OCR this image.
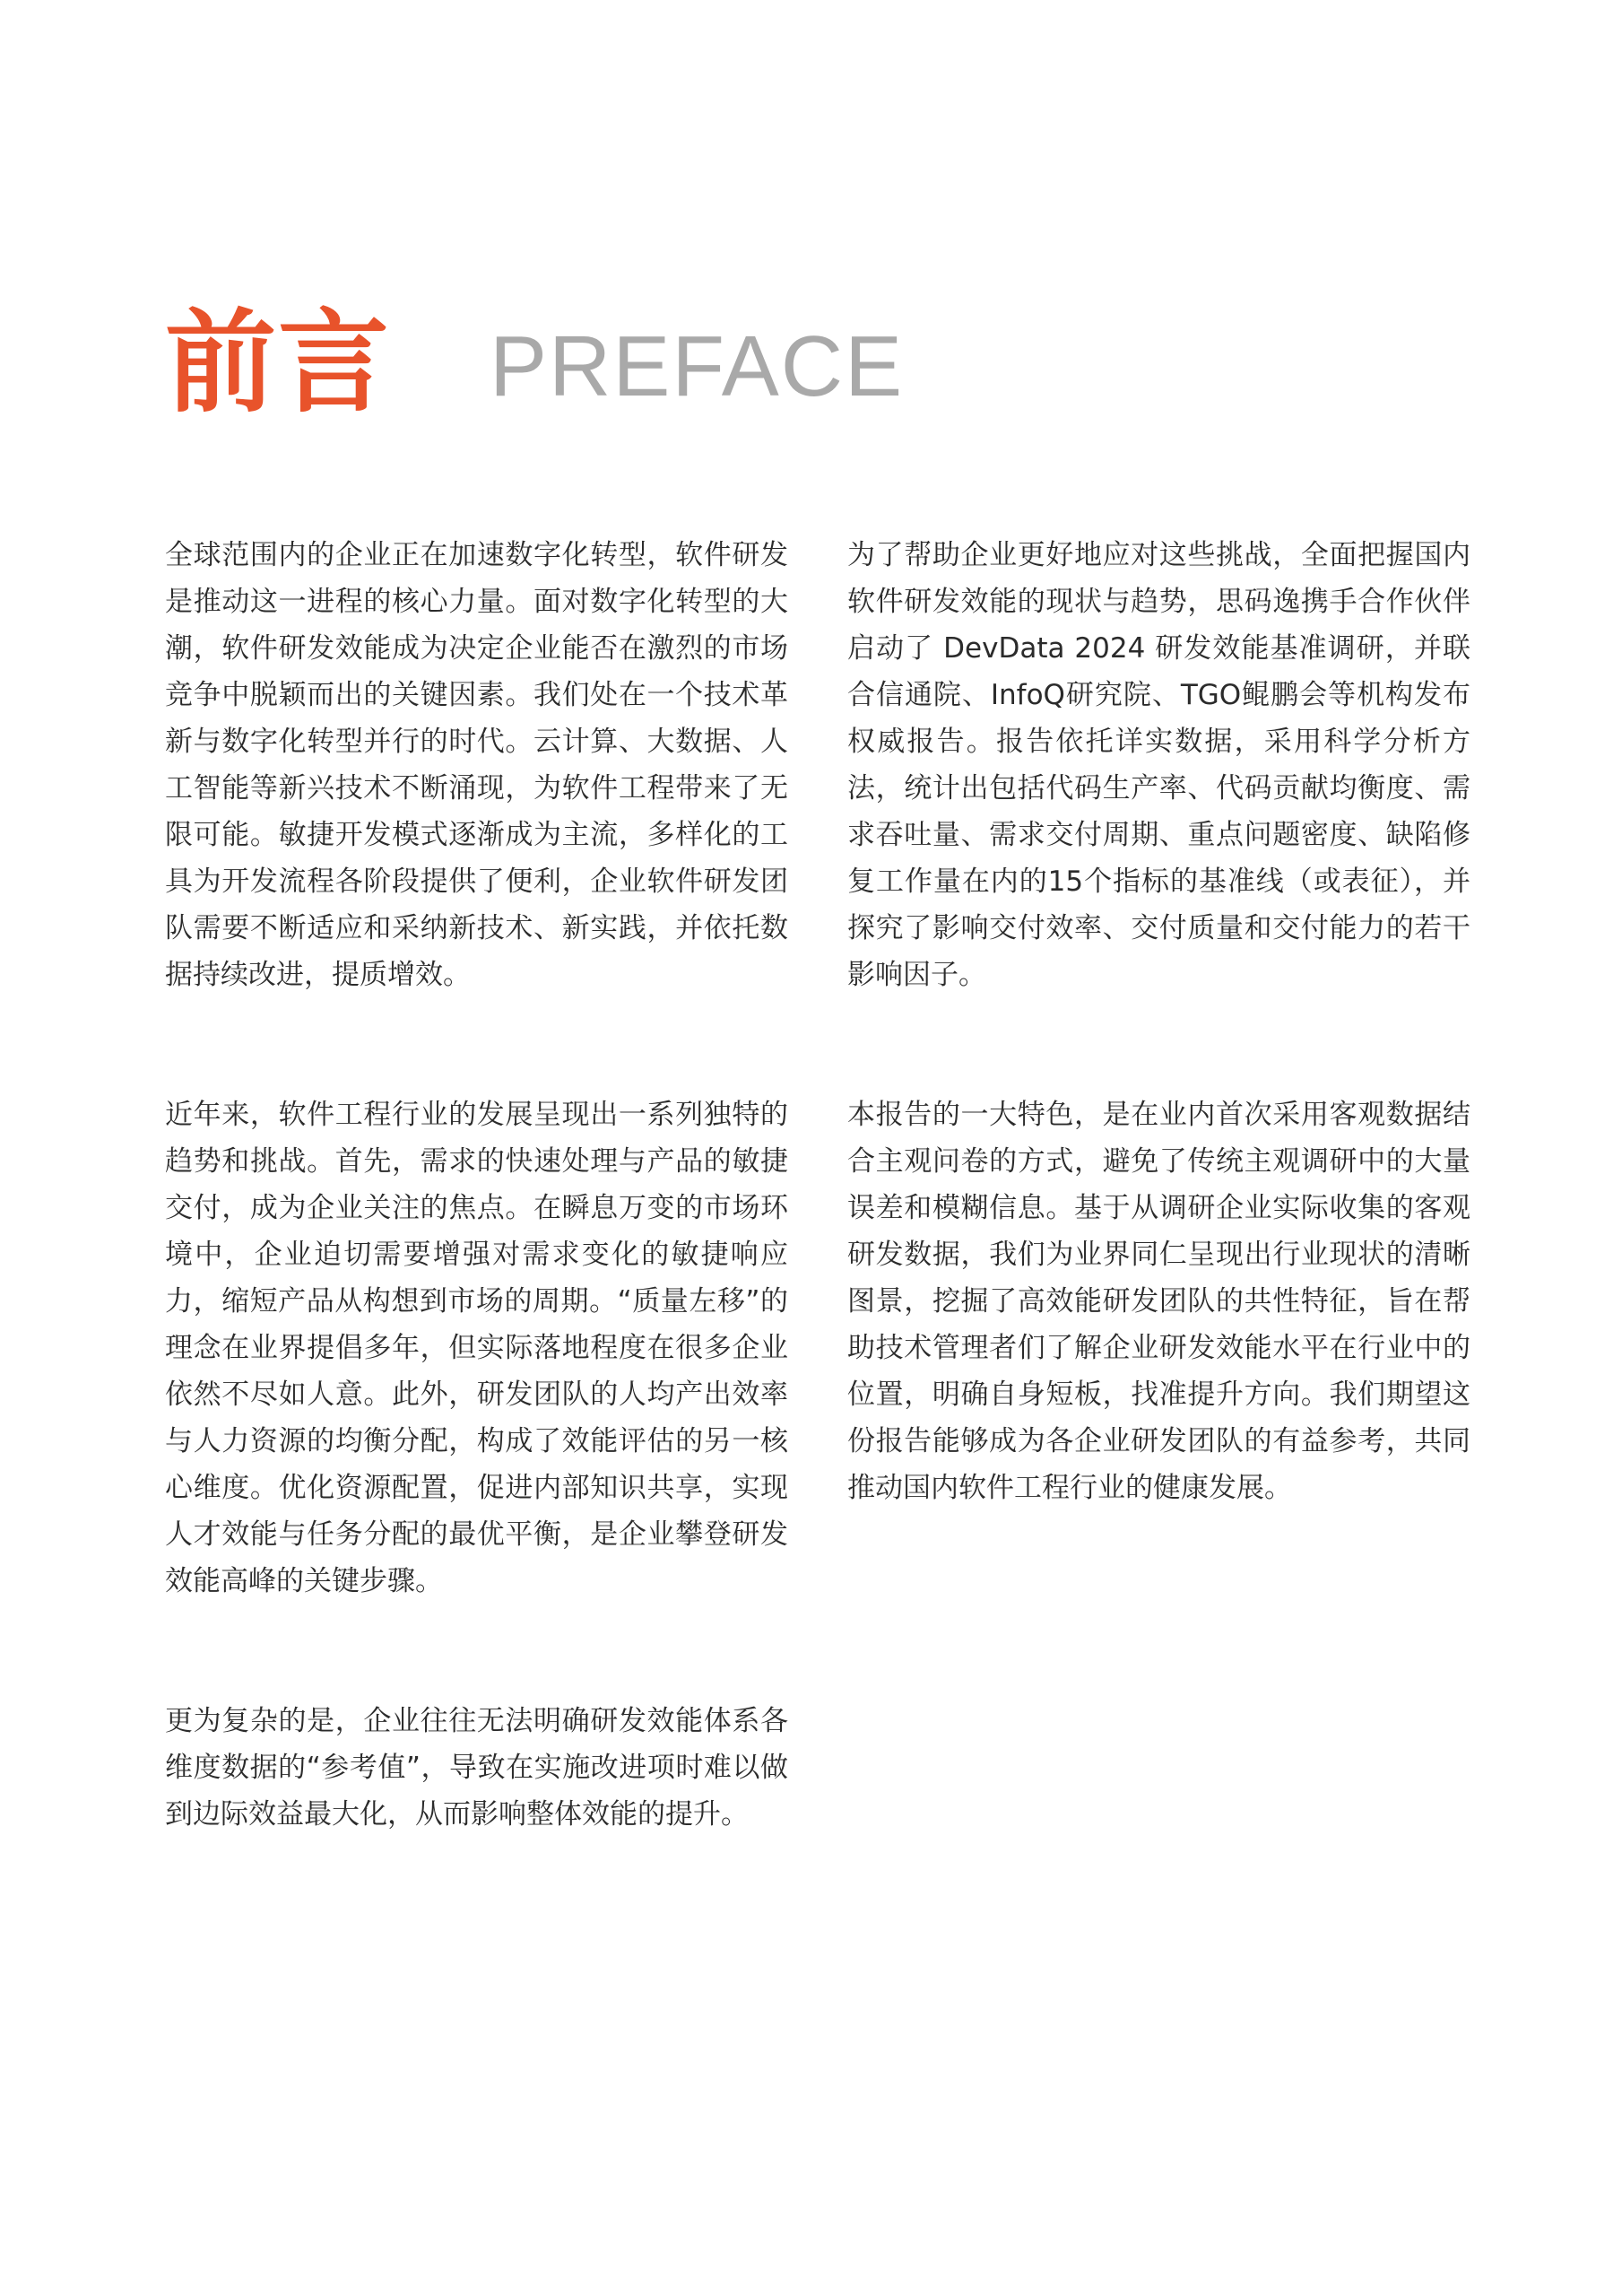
前言 PREFACE

全球范围内的企业正在加速数字化转型，软件研发是推动这一进程的核心力量。面对数字化转型的大潮，软件研发效能成为决定企业能否在激烈的市场竞争中脱颖而出的关键因素。我们处在一个技术革新与数字化转型并行的时代。云计算、大数据、人工智能等新兴技术不断涌现，为软件工程带来了无限可能。敏捷开发模式逐渐成为主流，多样化的工具为开发流程各阶段提供了便利，企业软件研发团队需要不断适应和采纳新技术、新实践，并依托数据持续改进，提质增效。

近年来，软件工程行业的发展呈现出一系列独特的趋势和挑战。首先，需求的快速处理与产品的敏捷交付，成为企业关注的焦点。在瞬息万变的市场环境中，企业迫切需要增强对需求变化的敏捷响应力，缩短产品从构想到市场的周期。“质量左移”的理念在业界提倡多年，但实际落地程度在很多企业依然不尽如人意。此外，研发团队的人均产出效率与人力资源的均衡分配，构成了效能评估的另一核心维度。优化资源配置，促进内部知识共享，实现人才效能与任务分配的最优平衡，是企业攀登研发效能高峰的关键步骤。

更为复杂的是，企业往往无法明确研发效能体系各维度数据的“参考值”，导致在实施改进项时难以做到边际效益最大化，从而影响整体效能的提升。

为了帮助企业更好地应对这些挑战，全面把握国内软件研发效能的现状与趋势，思码逸携手合作伙伴启动了 DevData 2024 研发效能基准调研，并联合信通院、InfoQ研究院、TGO鲲鹏会等机构发布权威报告。报告依托详实数据，采用科学分析方法，统计出包括代码生产率、代码贡献均衡度、需求吞吐量、需求交付周期、重点问题密度、缺陷修复工作量在内的15个指标的基准线（或表征），并探究了影响交付效率、交付质量和交付能力的若干影响因子。

本报告的一大特色，是在业内首次采用客观数据结合主观问卷的方式，避免了传统主观调研中的大量误差和模糊信息。基于从调研企业实际收集的客观研发数据，我们为业界同仁呈现出行业现状的清晰图景，挖掘了高效能研发团队的共性特征，旨在帮助技术管理者们了解企业研发效能水平在行业中的位置，明确自身短板，找准提升方向。我们期望这份报告能够成为各企业研发团队的有益参考，共同推动国内软件工程行业的健康发展。
